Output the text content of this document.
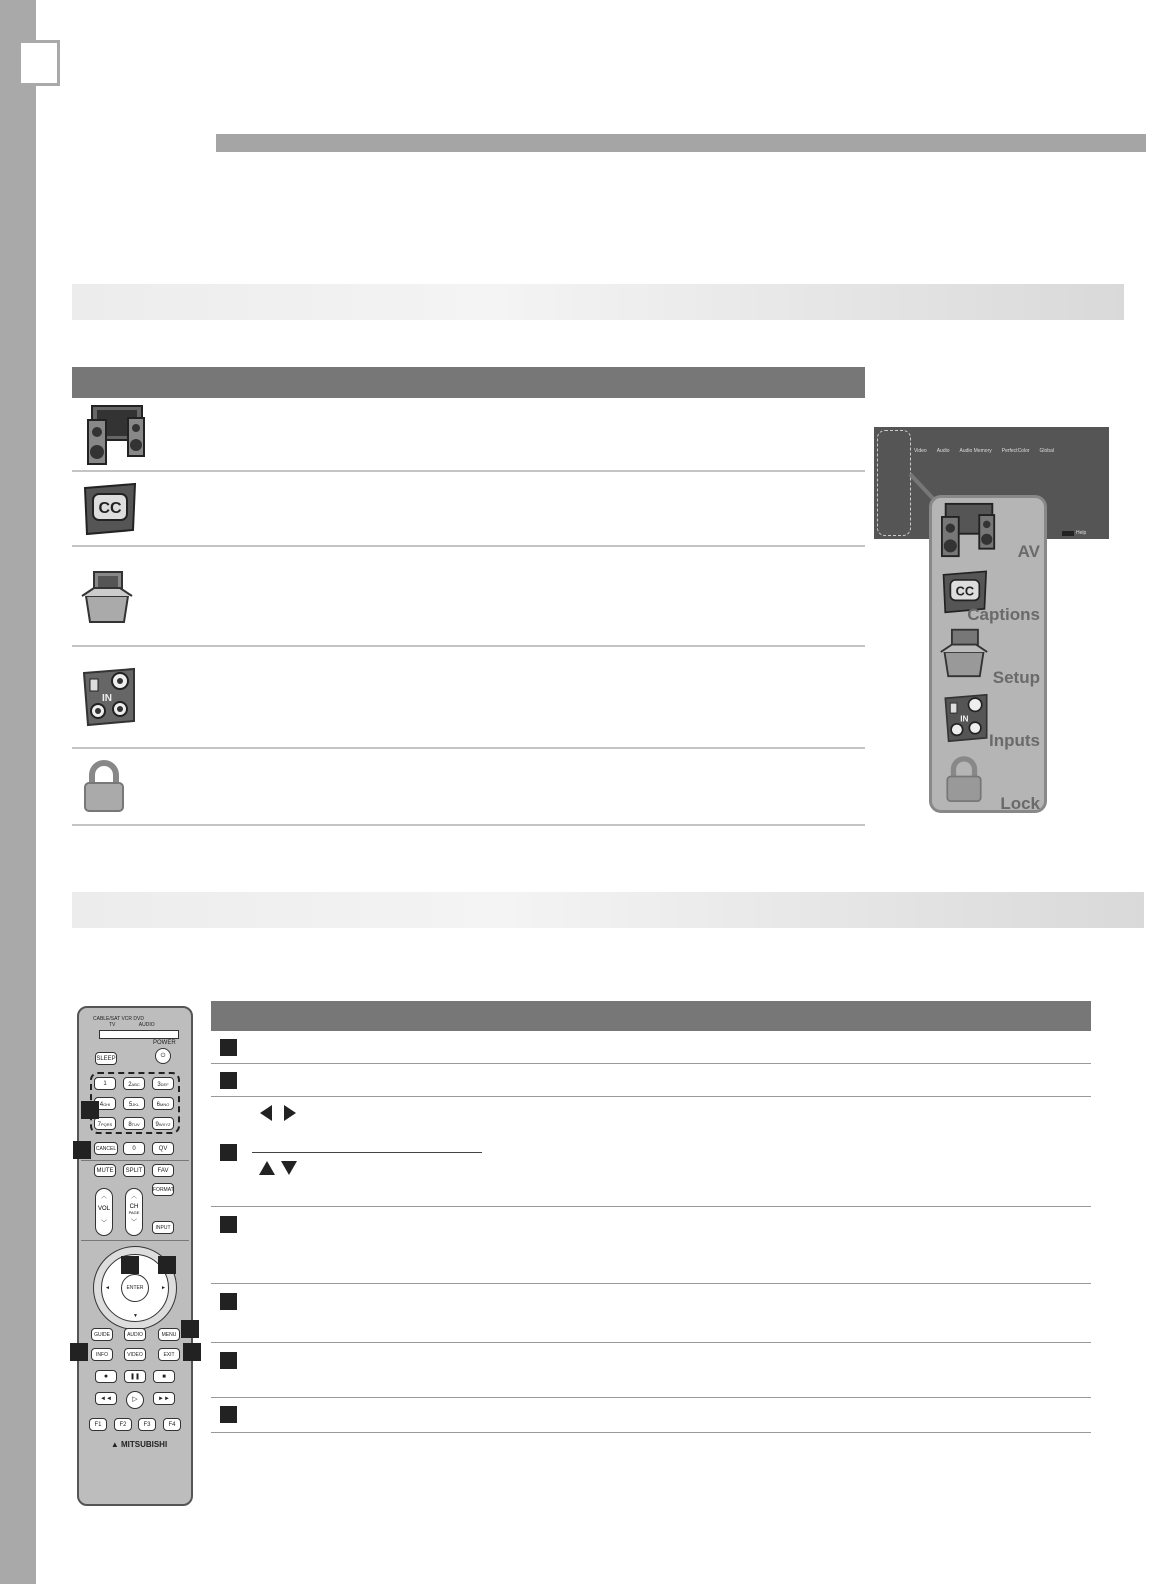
CC
IN
Video Audio Audio Memory PerfectColor Global
Help
AV
CC
Captions
Setup
IN
Inputs
Lock
CABLE/SAT VCR DVD
TV	AUDIO
POWER
⏻
SLEEP
1	2ABC	3DEF
4GHI	5JKL	6MNO
7PQRS	8TUV	9WXYZ
CANCEL	0	QV
MUTE	SPLIT	FAV
FORMAT
︿
VOL
﹀
︿
CH
PAGE
﹀
INPUT
▼
◄	►
ENTER
GUIDE	AUDIO	MENU
INFO	VIDEO	EXIT
●	❚❚	■
◄◄	▷	►►
F1	F2	F3	F4
▲ MITSUBISHI
